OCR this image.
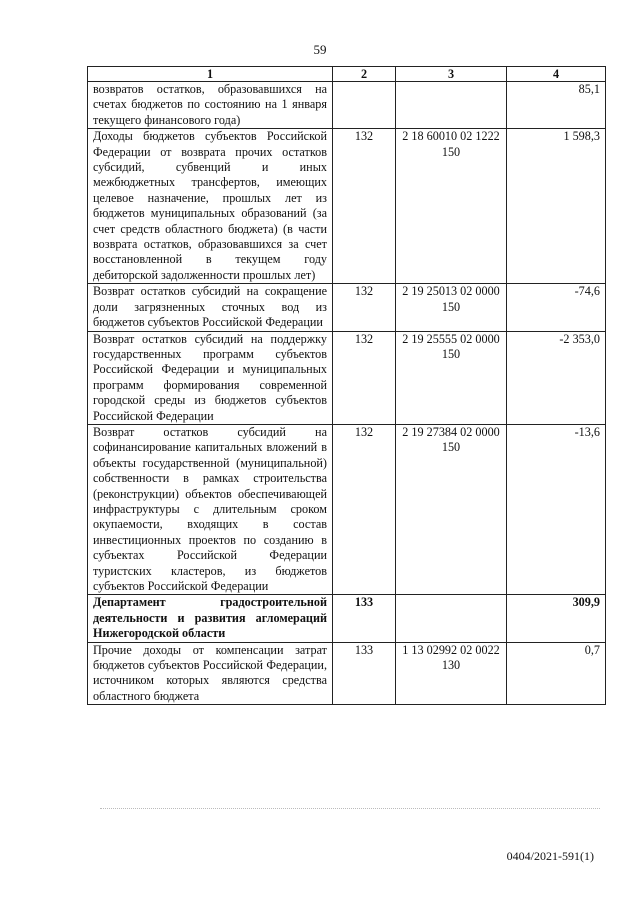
59
1	2	3	4
возвратов остатков, образовавшихся на счетах бюджетов по состоянию на 1 января текущего финансового года)			85,1
Доходы бюджетов субъектов Российской Федерации от возврата прочих остатков субсидий, субвенций и иных межбюджетных трансфертов, имеющих целевое назначение, прошлых лет из бюджетов муниципальных образований (за счет средств областного бюджета) (в части возврата остатков, образовавшихся за счет восстановленной в текущем году дебиторской задолженности прошлых лет)	132	2 18 60010 02 1222 150	1 598,3
Возврат остатков субсидий на сокращение доли загрязненных сточных вод из бюджетов субъектов Российской Федерации	132	2 19 25013 02 0000 150	-74,6
Возврат остатков субсидий на поддержку государственных программ субъектов Российской Федерации и муниципальных программ формирования современной городской среды из бюджетов субъектов Российской Федерации	132	2 19 25555 02 0000 150	-2 353,0
Возврат остатков субсидий на софинансирование капитальных вложений в объекты государственной (муниципальной) собственности в рамках строительства (реконструкции) объектов обеспечивающей инфраструктуры с длительным сроком окупаемости, входящих в состав инвестиционных проектов по созданию в субъектах Российской Федерации туристских кластеров, из бюджетов субъектов Российской Федерации	132	2 19 27384 02 0000 150	-13,6
Департамент градостроительной деятельности и развития агломераций Нижегородской области	133		309,9
Прочие доходы от компенсации затрат бюджетов субъектов Российской Федерации, источником которых являются средства областного бюджета	133	1 13 02992 02 0022 130	0,7
0404/2021-591(1)
